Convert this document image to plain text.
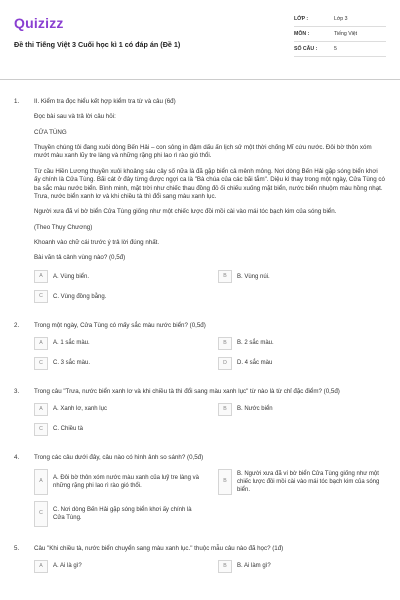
Quizizz
Đề thi Tiếng Việt 3 Cuối học kì 1 có đáp án (Đề 1)
LỚP :	Lớp 3
MÔN :	Tiếng Việt
SỐ CÂU :	5
1.	II. Kiểm tra đọc hiểu kết hợp kiểm tra từ và câu (6đ)

Đọc bài sau và trả lời câu hỏi:

CỬA TÙNG

Thuyền chúng tôi đang xuôi dòng Bến Hải – con sông in đậm dấu ấn lịch sử một thời chống Mĩ cứu nước. Đôi bờ thôn xóm mướt màu xanh lũy tre làng và những rặng phi lao rì rào gió thổi.

Từ cầu Hiền Lương thuyền xuôi khoảng sáu cây số nữa là đã gặp biển cả mênh mông. Nơi dòng Bến Hải gặp sóng biển khơi ấy chính là Cửa Tùng. Bãi cát ở đây từng được ngợi ca là "Bà chúa của các bãi tắm". Diệu kì thay trong một ngày, Cửa Tùng có ba sắc màu nước biển. Bình minh, mặt trời như chiếc thau đồng đỏ ối chiếu xuống mặt biển, nước biển nhuộm màu hồng nhạt. Trưa, nước biển xanh lơ và khi chiều tà thì đổi sang màu xanh lục.

Người xưa đã ví bờ biển Cửa Tùng giống như một chiếc lược đồi mồi cài vào mái tóc bạch kim của sóng biển.

(Theo Thụy Chương)

Khoanh vào chữ cái trước ý trả lời đúng nhất.

Bài văn tả cảnh vùng nào? (0,5đ)

A	A. Vùng biển.	B	B. Vùng núi.
C	C. Vùng đồng bằng.
2.	Trong một ngày, Cửa Tùng có mấy sắc màu nước biển? (0,5đ)

A	A. 1 sắc màu.	B	B. 2 sắc màu.
C	C. 3 sắc màu.	D	D. 4 sắc màu
3.	Trong câu "Trưa, nước biển xanh lơ và khi chiều tà thì đổi sang màu xanh lục" từ nào là từ chỉ đặc điểm? (0,5đ)

A	A. Xanh lơ, xanh lục	B	B. Nước biển
C	C. Chiều tà
4.	Trong các câu dưới đây, câu nào có hình ảnh so sánh? (0,5đ)

A
A. Đôi bờ thôn xóm nước màu xanh của luỹ tre làng và những rặng phi lao rì rào gió thổi.
B
B. Người xưa đã ví bờ biển Cửa Tùng giống như một chiếc lược đồi mồi cài vào mái tóc bạch kim của sóng biển.
C
C. Nơi dòng Bến Hải gặp sóng biển khơi ấy chính là Cửa Tùng.
5.	Câu "Khi chiều tà, nước biển chuyển sang màu xanh lục." thuộc mẫu câu nào đã học? (1đ)

A	A. Ai là gì?	B	B. Ai làm gì?
